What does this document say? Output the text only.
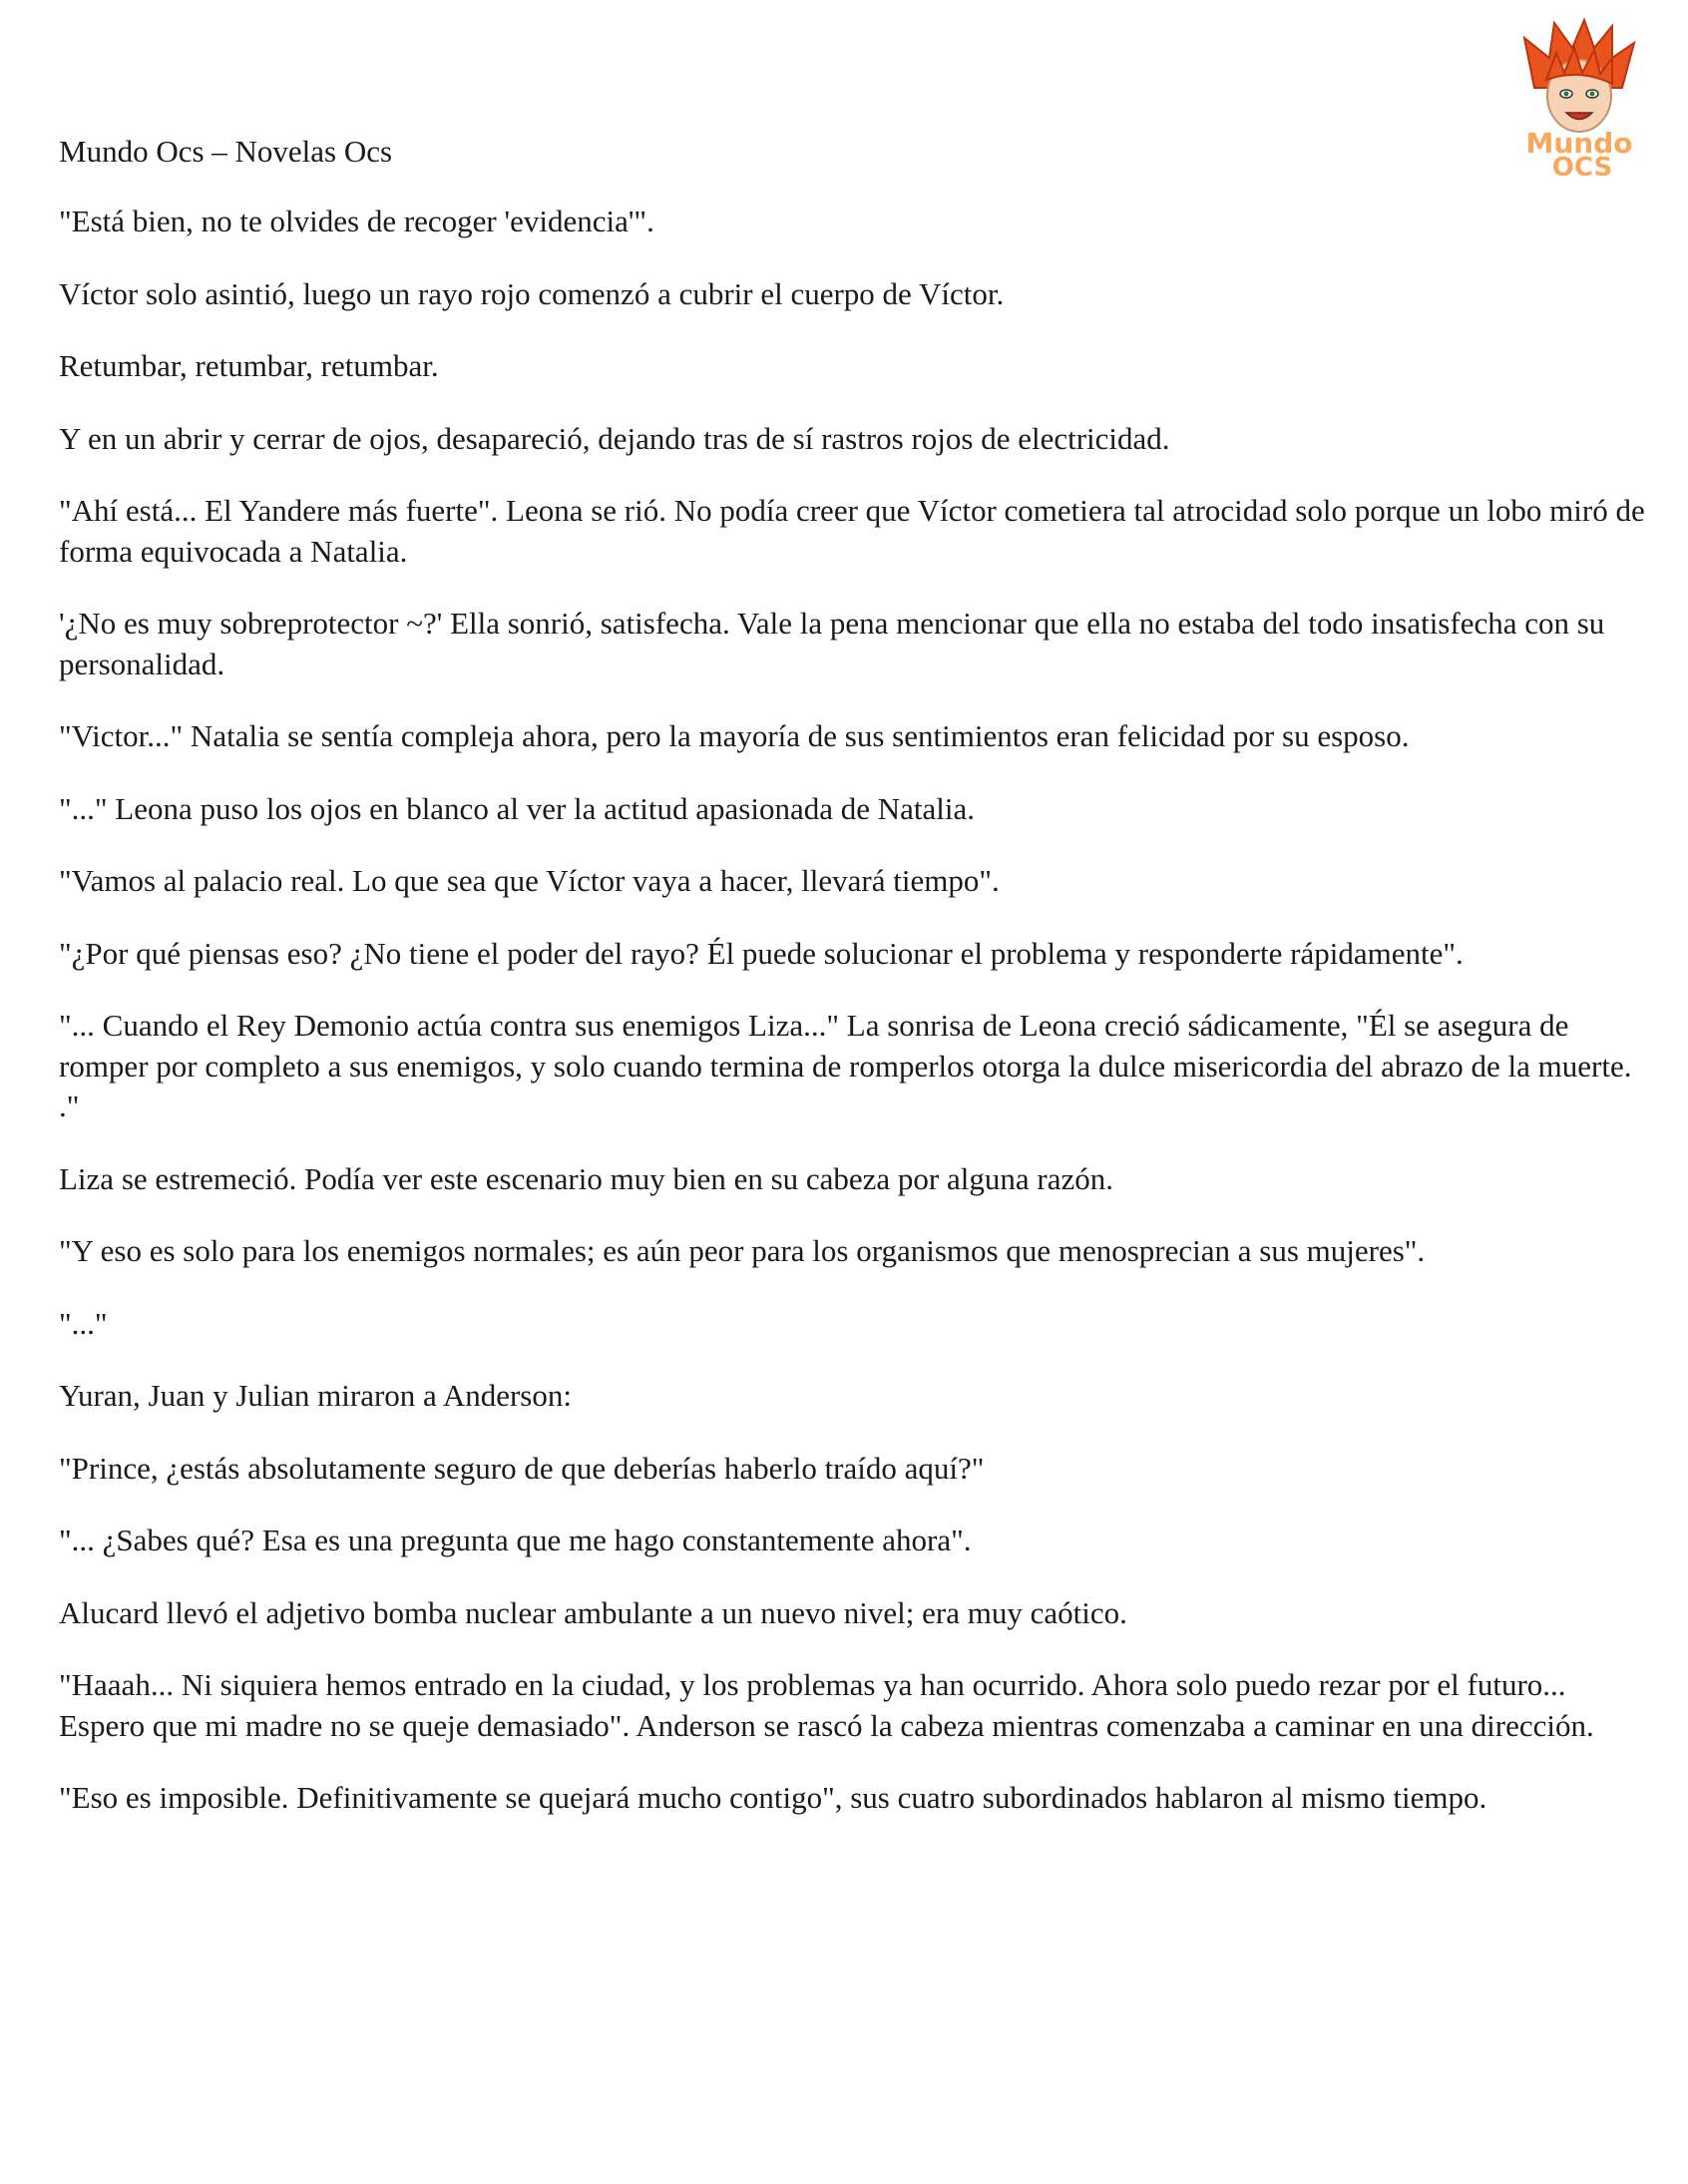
Mundo Ocs – Novelas Ocs	Mundo
OCS

"Está bien, no te olvides de recoger 'evidencia'".

Víctor solo asintió, luego un rayo rojo comenzó a cubrir el cuerpo de Víctor.

Retumbar, retumbar, retumbar.

Y en un abrir y cerrar de ojos, desapareció, dejando tras de sí rastros rojos de electricidad.

"Ahí está... El Yandere más fuerte". Leona se rió. No podía creer que Víctor cometiera tal atrocidad solo porque un lobo miró de forma equivocada a Natalia.

'¿No es muy sobreprotector ~?' Ella sonrió, satisfecha. Vale la pena mencionar que ella no estaba del todo insatisfecha con su personalidad.

"Victor..." Natalia se sentía compleja ahora, pero la mayoría de sus sentimientos eran felicidad por su esposo.

"..." Leona puso los ojos en blanco al ver la actitud apasionada de Natalia.

"Vamos al palacio real. Lo que sea que Víctor vaya a hacer, llevará tiempo".

"¿Por qué piensas eso? ¿No tiene el poder del rayo? Él puede solucionar el problema y responderte rápidamente".

"... Cuando el Rey Demonio actúa contra sus enemigos Liza..." La sonrisa de Leona creció sádicamente, "Él se asegura de romper por completo a sus enemigos, y solo cuando termina de romperlos otorga la dulce misericordia del abrazo de la muerte. ."

Liza se estremeció. Podía ver este escenario muy bien en su cabeza por alguna razón.

"Y eso es solo para los enemigos normales; es aún peor para los organismos que menosprecian a sus mujeres".

"..."

Yuran, Juan y Julian miraron a Anderson:

"Prince, ¿estás absolutamente seguro de que deberías haberlo traído aquí?"

"... ¿Sabes qué? Esa es una pregunta que me hago constantemente ahora".

Alucard llevó el adjetivo bomba nuclear ambulante a un nuevo nivel; era muy caótico.

"Haaah... Ni siquiera hemos entrado en la ciudad, y los problemas ya han ocurrido. Ahora solo puedo rezar por el futuro... Espero que mi madre no se queje demasiado". Anderson se rascó la cabeza mientras comenzaba a caminar en una dirección.

"Eso es imposible. Definitivamente se quejará mucho contigo", sus cuatro subordinados hablaron al mismo tiempo.
